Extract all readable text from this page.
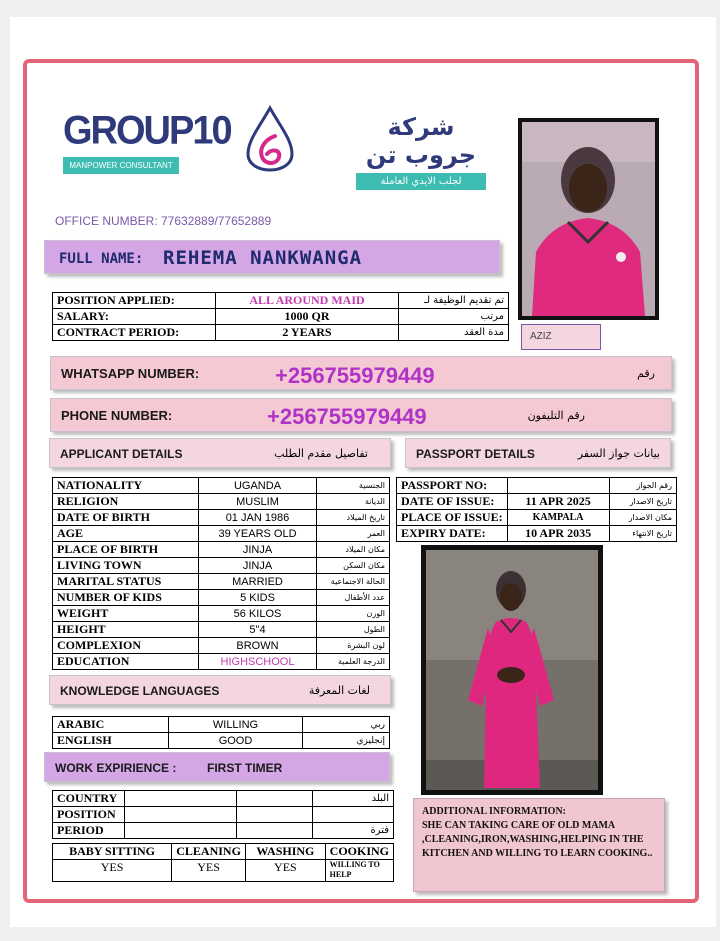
GROUP10
MANPOWER CONSULTANT
شركة جروب تن
لجلب الايدي العاملة
OFFICE NUMBER: 77632889/77652889
FULL NAME: REHEMA NANKWANGA
POSITION APPLIED:	ALL AROUND MAID	تم تقديم الوظيفة لـ
SALARY:	1000 QR	مرتب
CONTRACT PERIOD:	2 YEARS	مدة العقد	AZIZ
WHATSAPP NUMBER:	+256755979449	رقم
PHONE NUMBER:	+256755979449	رقم التليفون
APPLICANT DETAILS	تفاصيل مقدم الطلب	PASSPORT DETAILS	بيانات جواز السفر
NATIONALITY	UGANDA	الجنسية
RELIGION	MUSLIM	الديانة
DATE OF BIRTH	01 JAN 1986	تاريخ الميلاد
AGE	39 YEARS OLD	العمر
PLACE OF BIRTH	JINJA	مكان الميلاد
LIVING TOWN	JINJA	مكان السكن
MARITAL STATUS	MARRIED	الحالة الاجتماعية
NUMBER OF KIDS	5 KIDS	عدد الأطفال
WEIGHT	56 KILOS	الوزن
HEIGHT	5"4	الطول
COMPLEXION	BROWN	لون البشرة
EDUCATION	HIGHSCHOOL	الدرجة العلمية
PASSPORT NO:		رقم الجواز
DATE OF ISSUE:	11 APR 2025	تاريخ الاصدار
PLACE OF ISSUE:	KAMPALA	مكان الاصدار
EXPIRY DATE:	10 APR 2035	تاريخ الانتهاء
KNOWLEDGE LANGUAGES	لغات المعرفة
ARABIC	WILLING	ربي
ENGLISH	GOOD	إنجليزي
WORK EXPIRIENCE :	FIRST TIMER
COUNTRY			البلد
POSITION			
PERIOD			فترة
BABY SITTING	CLEANING	WASHING	COOKING
YES	YES	YES	WILLING TO HELP
ADDITIONAL INFORMATION:
SHE CAN TAKING CARE OF OLD MAMA ,CLEANING,IRON,WASHING,HELPING IN THE KITCHEN AND WILLING TO LEARN COOKING..
